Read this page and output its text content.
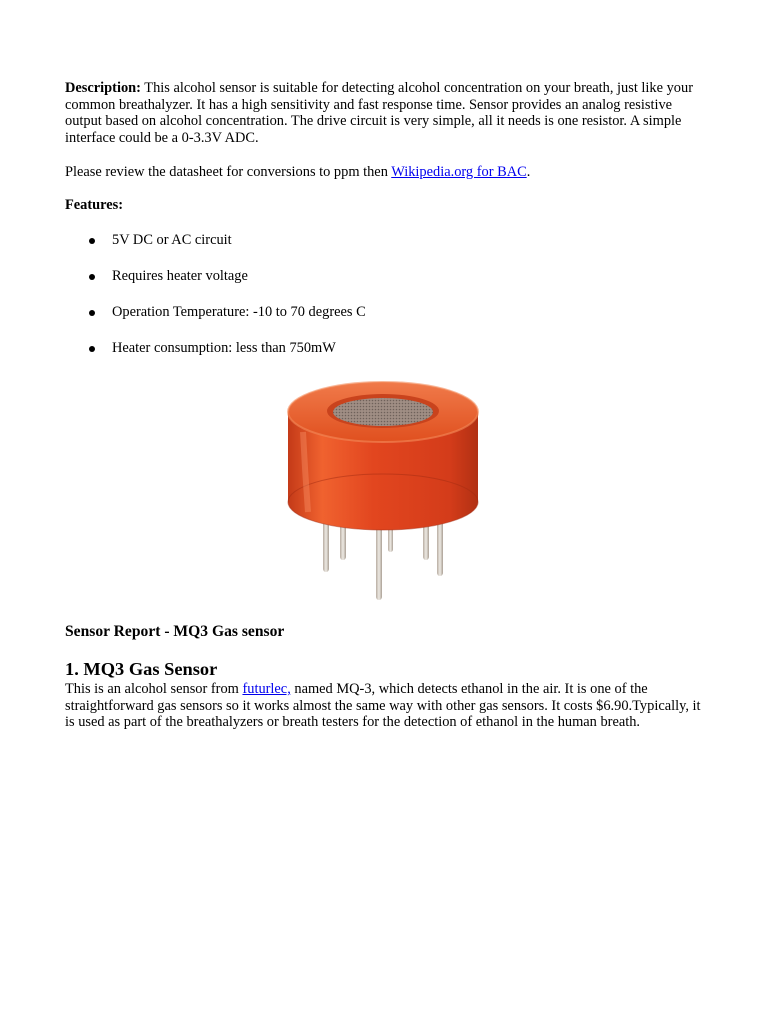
Description: This alcohol sensor is suitable for detecting alcohol concentration on your breath, just like your common breathalyzer. It has a high sensitivity and fast response time. Sensor provides an analog resistive output based on alcohol concentration. The drive circuit is very simple, all it needs is one resistor. A simple interface could be a 0-3.3V ADC.

Please review the datasheet for conversions to ppm then Wikipedia.org for BAC.

Features:

5V DC or AC circuit
Requires heater voltage
Operation Temperature: -10 to 70 degrees C
Heater consumption: less than 750mW

Sensor Report - MQ3 Gas sensor

1. MQ3 Gas Sensor

This is an alcohol sensor from futurlec, named MQ-3, which detects ethanol in the air. It is one of the straightforward gas sensors so it works almost the same way with other gas sensors. It costs $6.90.Typically, it is used as part of the breathalyzers or breath testers for the detection of ethanol in the human breath.
